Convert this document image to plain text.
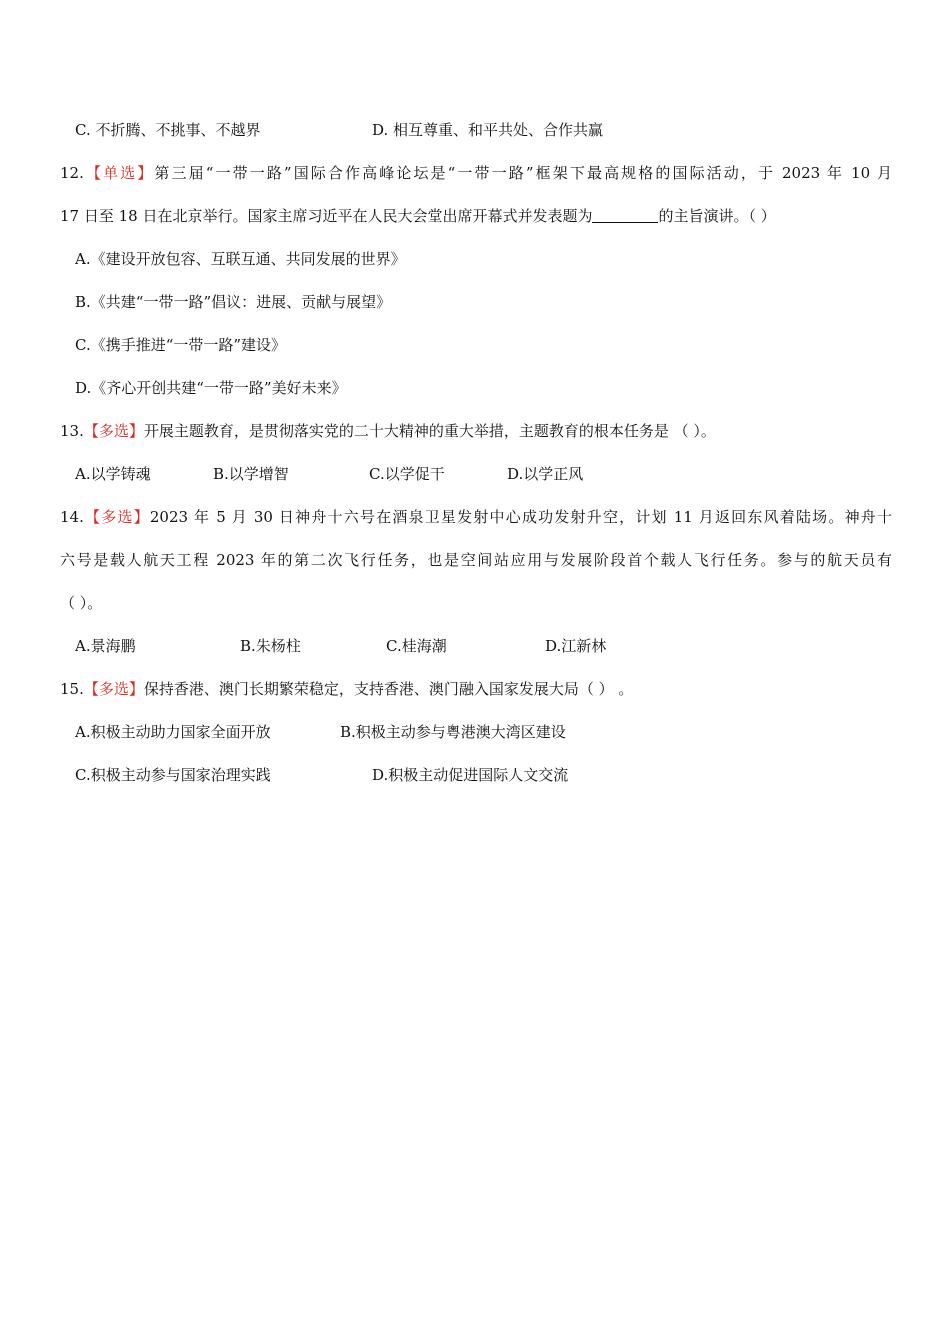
C. 不折腾、不挑事、不越界	D. 相互尊重、和平共处、合作共赢
12.【单选】第三届“一带一路”国际合作高峰论坛是“一带一路”框架下最高规格的国际活动，于 2023 年 10 月
17 日至 18 日在北京举行。国家主席习近平在人民大会堂出席开幕式并发表题为	的主旨演讲。（ ）
A.《建设开放包容、互联互通、共同发展的世界》
B.《共建“一带一路”倡议：进展、贡献与展望》
C.《携手推进“一带一路”建设》
D.《齐心开创共建“一带一路”美好未来》
13.【多选】开展主题教育，是贯彻落实党的二十大精神的重大举措，主题教育的根本任务是 （ ）。
A.以学铸魂	B.以学增智	C.以学促干	D.以学正风
14.【多选】2023 年 5 月 30 日神舟十六号在酒泉卫星发射中心成功发射升空，计划 11 月返回东风着陆场。神舟十
六号是载人航天工程 2023 年的第二次飞行任务，也是空间站应用与发展阶段首个载人飞行任务。参与的航天员有
（ ）。
A.景海鹏	B.朱杨柱	C.桂海潮	D.江新林
15.【多选】保持香港、澳门长期繁荣稳定，支持香港、澳门融入国家发展大局（ ） 。
A.积极主动助力国家全面开放	B.积极主动参与粤港澳大湾区建设
C.积极主动参与国家治理实践	D.积极主动促进国际人文交流
